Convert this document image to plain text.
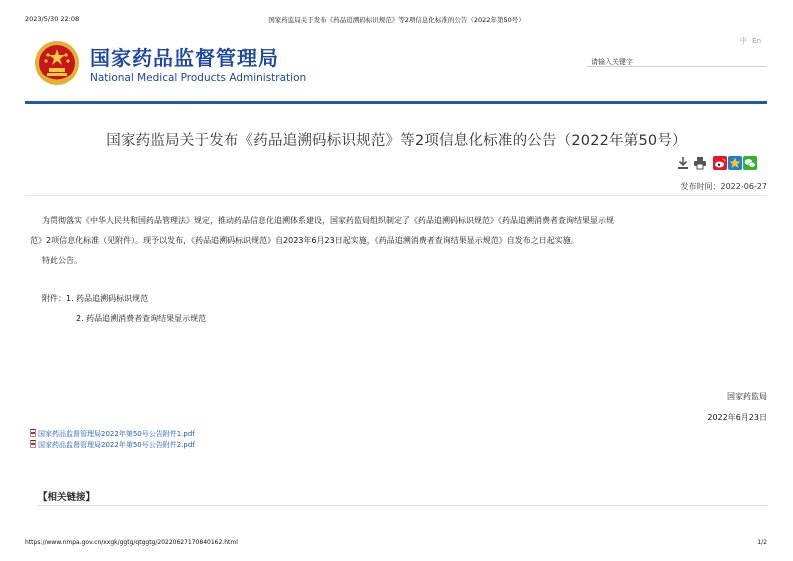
2023/5/30 22:08	国家药监局关于发布《药品追溯码标识规范》等2项信息化标准的公告（2022年第50号）
国家药品监督管理局
National Medical Products Administration
中 En
请输入关键字
国家药监局关于发布《药品追溯码标识规范》等2项信息化标准的公告（2022年第50号）
发布时间：2022-06-27
为贯彻落实《中华人民共和国药品管理法》规定，推动药品信息化追溯体系建设，国家药监局组织制定了《药品追溯码标识规范》《药品追溯消费者查询结果显示规
范》2项信息化标准（见附件）。现予以发布，《药品追溯码标识规范》自2023年6月23日起实施，《药品追溯消费者查询结果显示规范》自发布之日起实施。
特此公告。
附件：1. 药品追溯码标识规范
2. 药品追溯消费者查询结果显示规范
国家药监局
2022年6月23日
国家药品监督管理局2022年第50号公告附件1.pdf
国家药品监督管理局2022年第50号公告附件2.pdf
【相关链接】
https://www.nmpa.gov.cn/xxgk/ggtg/qtggtg/20220627170840162.html	1/2
